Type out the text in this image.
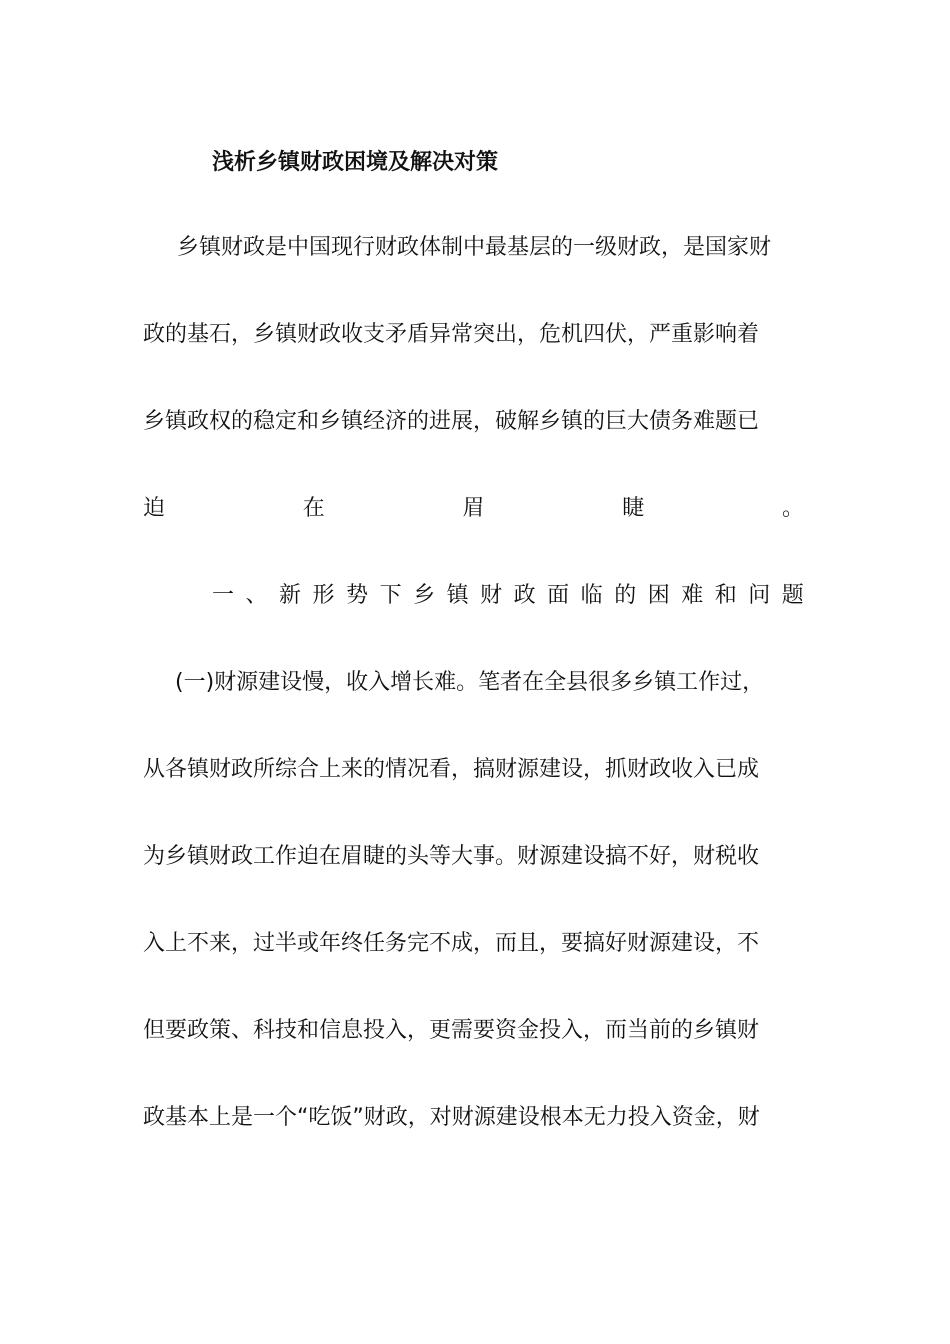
浅析乡镇财政困境及解决对策
乡镇财政是中国现行财政体制中最基层的一级财政，是国家财
政的基石，乡镇财政收支矛盾异常突出，危机四伏，严重影响着
乡镇政权的稳定和乡镇经济的进展，破解乡镇的巨大债务难题已
迫	在	眉	睫	。
一 、 新 形 势 下 乡 镇 财 政 面 临 的 困 难 和 问 题
(一)财源建设慢，收入增长难。笔者在全县很多乡镇工作过，
从各镇财政所综合上来的情况看，搞财源建设，抓财政收入已成
为乡镇财政工作迫在眉睫的头等大事。财源建设搞不好，财税收
入上不来，过半或年终任务完不成，而且，要搞好财源建设，不
但要政策、科技和信息投入，更需要资金投入，而当前的乡镇财
政基本上是一个“吃饭”财政，对财源建设根本无力投入资金，财
